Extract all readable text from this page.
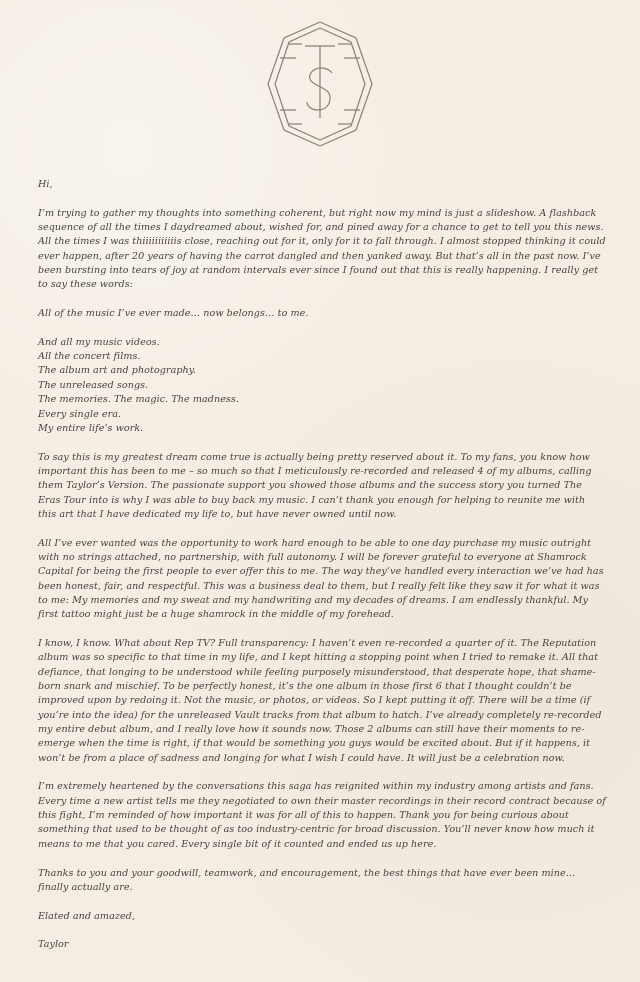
Hi,

I’m trying to gather my thoughts into something coherent, but right now my mind is just a slideshow. A flashback sequence of all the times I daydreamed about, wished for, and pined away for a chance to get to tell you this news. All the times I was thiiiiiiiiiiis close, reaching out for it, only for it to fall through. I almost stopped thinking it could ever happen, after 20 years of having the carrot dangled and then yanked away. But that’s all in the past now. I’ve been bursting into tears of joy at random intervals ever since I found out that this is really happening. I really get to say these words:

All of the music I’ve ever made… now belongs… to me.

And all my music videos.
All the concert films.
The album art and photography.
The unreleased songs.
The memories. The magic. The madness.
Every single era.
My entire life’s work.

To say this is my greatest dream come true is actually being pretty reserved about it. To my fans, you know how important this has been to me – so much so that I meticulously re-recorded and released 4 of my albums, calling them Taylor’s Version. The passionate support you showed those albums and the success story you turned The Eras Tour into is why I was able to buy back my music. I can’t thank you enough for helping to reunite me with this art that I have dedicated my life to, but have never owned until now.

All I’ve ever wanted was the opportunity to work hard enough to be able to one day purchase my music outright with no strings attached, no partnership, with full autonomy. I will be forever grateful to everyone at Shamrock Capital for being the first people to ever offer this to me. The way they’ve handled every interaction we’ve had has been honest, fair, and respectful. This was a business deal to them, but I really felt like they saw it for what it was to me: My memories and my sweat and my handwriting and my decades of dreams. I am endlessly thankful. My first tattoo might just be a huge shamrock in the middle of my forehead.

I know, I know. What about Rep TV? Full transparency: I haven’t even re-recorded a quarter of it. The Reputation album was so specific to that time in my life, and I kept hitting a stopping point when I tried to remake it. All that defiance, that longing to be understood while feeling purposely misunderstood, that desperate hope, that shame-born snark and mischief. To be perfectly honest, it’s the one album in those first 6 that I thought couldn’t be improved upon by redoing it. Not the music, or photos, or videos. So I kept putting it off. There will be a time (if you’re into the idea) for the unreleased Vault tracks from that album to hatch. I’ve already completely re-recorded my entire debut album, and I really love how it sounds now. Those 2 albums can still have their moments to re-emerge when the time is right, if that would be something you guys would be excited about. But if it happens, it won’t be from a place of sadness and longing for what I wish I could have. It will just be a celebration now.

I’m extremely heartened by the conversations this saga has reignited within my industry among artists and fans. Every time a new artist tells me they negotiated to own their master recordings in their record contract because of this fight, I’m reminded of how important it was for all of this to happen. Thank you for being curious about something that used to be thought of as too industry-centric for broad discussion. You’ll never know how much it means to me that you cared. Every single bit of it counted and ended us up here.

Thanks to you and your goodwill, teamwork, and encouragement, the best things that have ever been mine… finally actually are.

Elated and amazed,

Taylor
